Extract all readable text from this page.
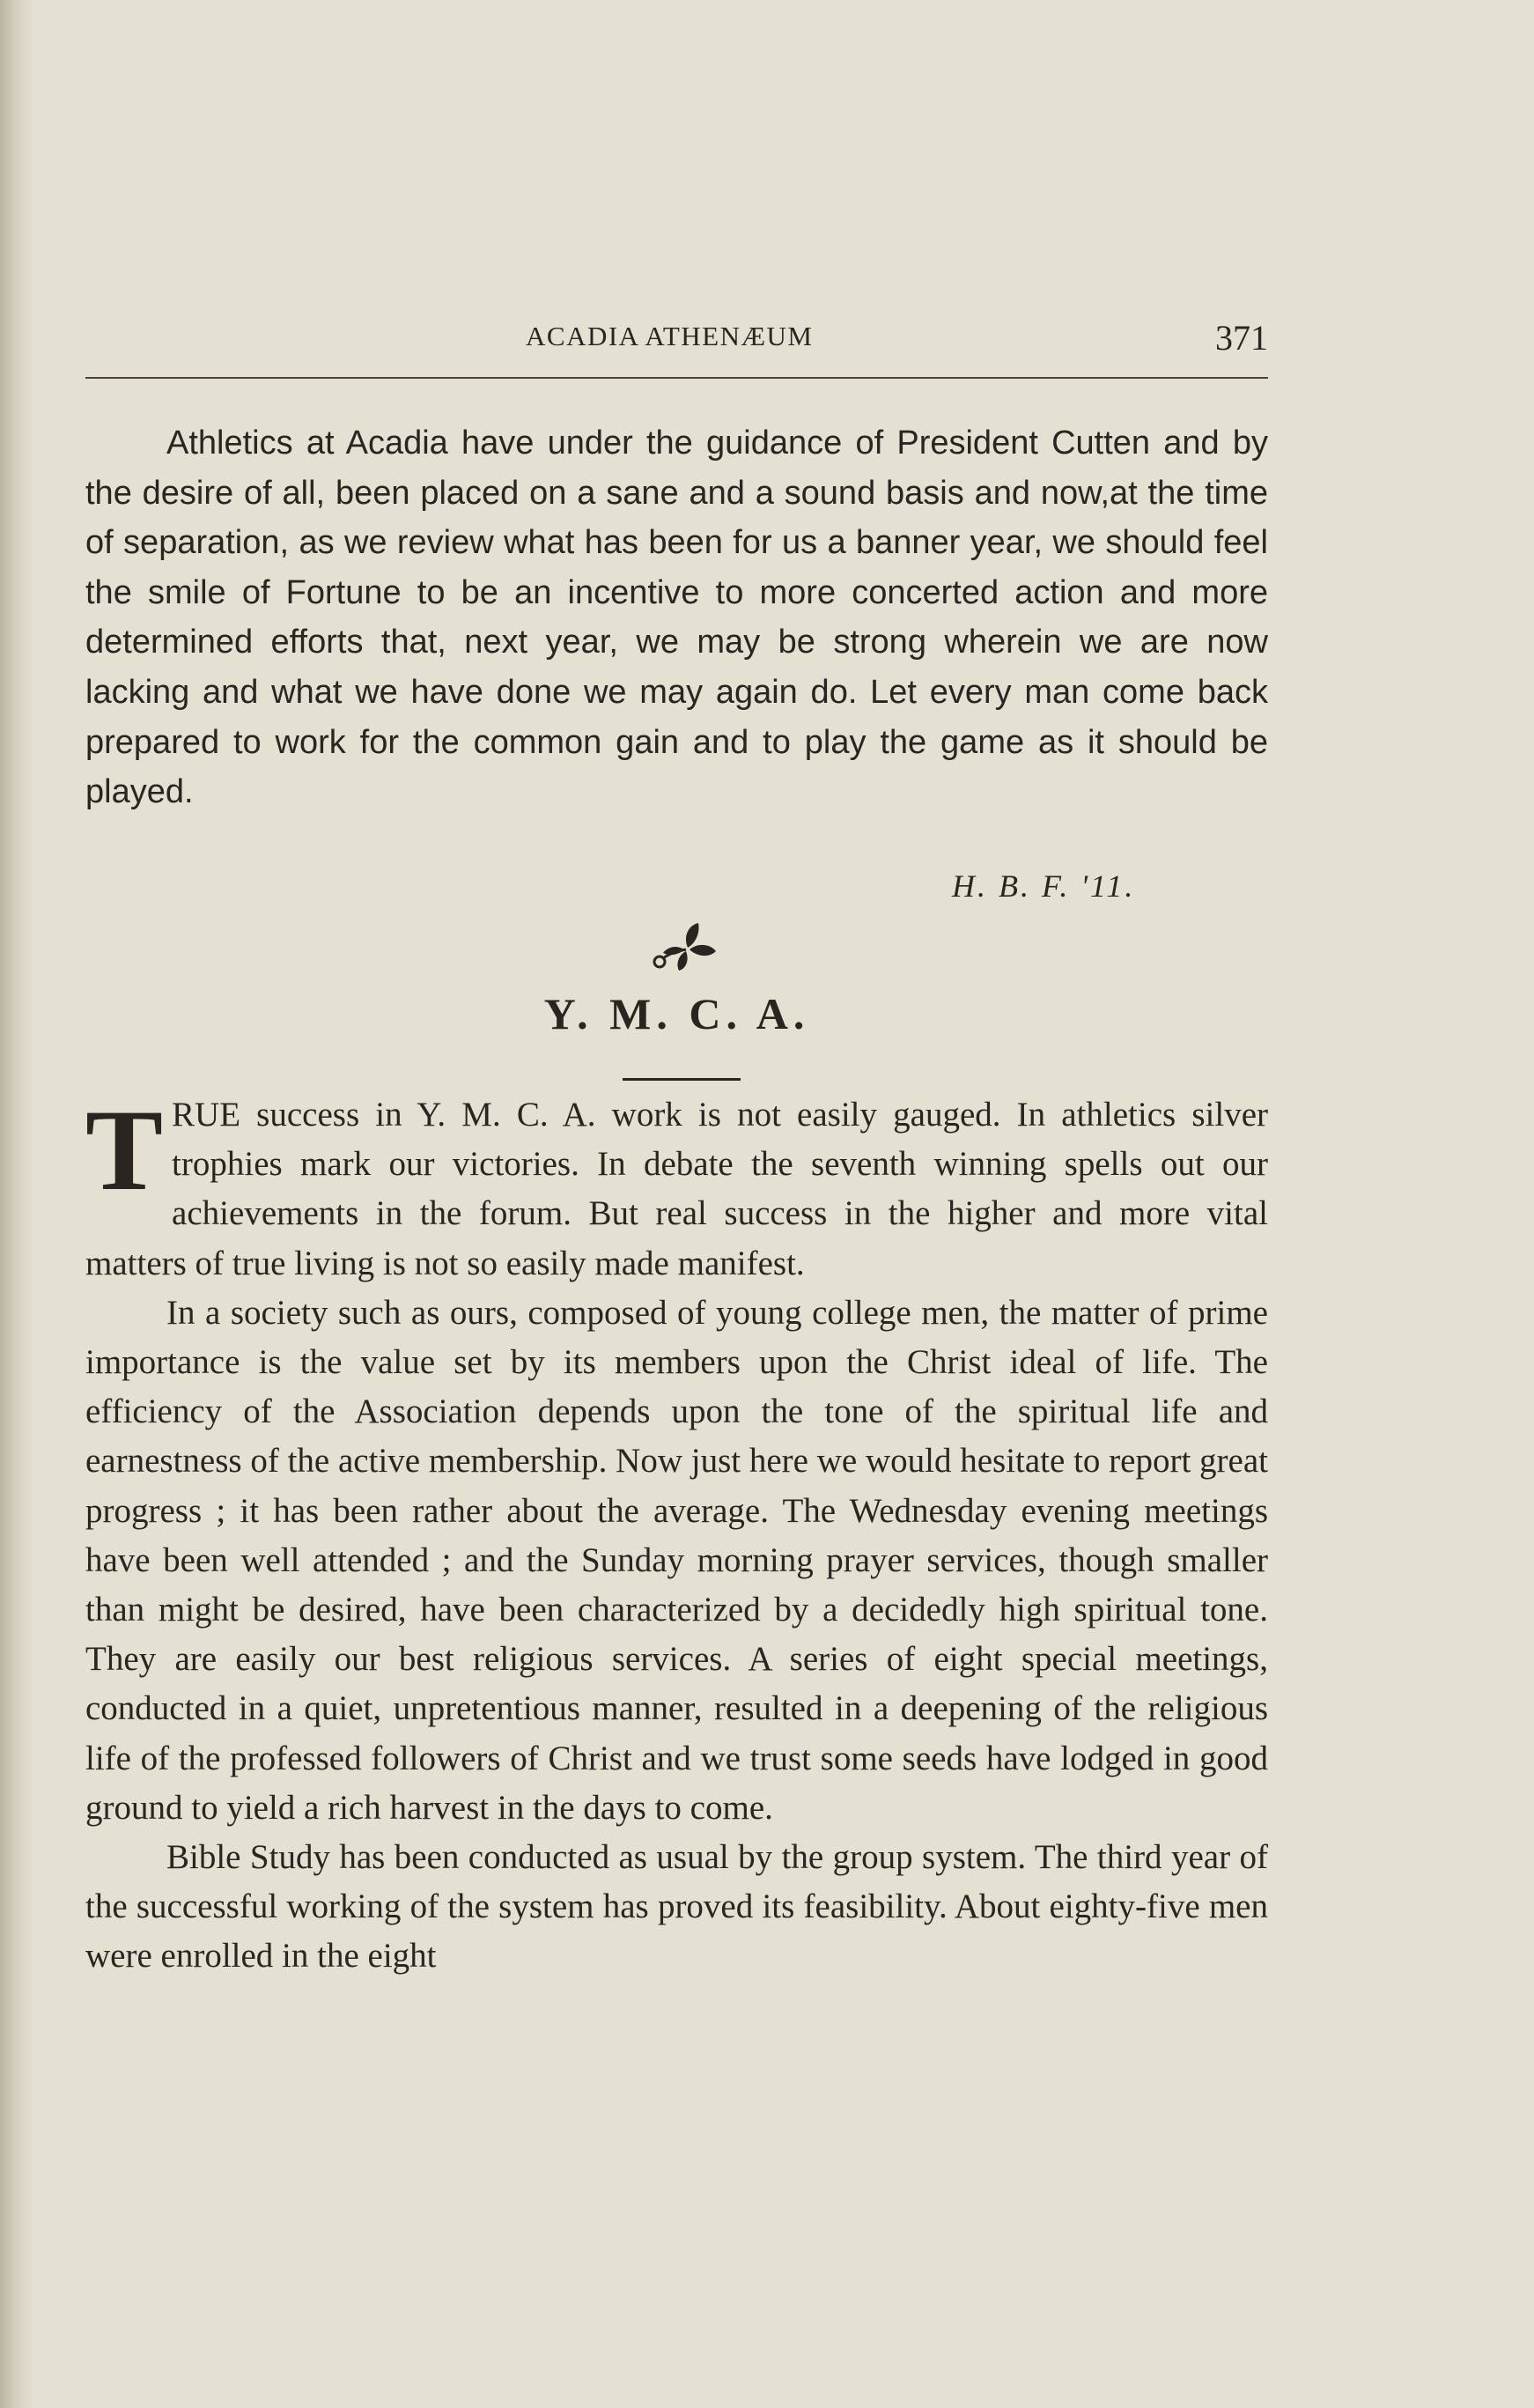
ACADIA ATHENÆUM	371

Athletics at Acadia have under the guidance of President Cutten and by the desire of all, been placed on a sane and a sound basis and now,at the time of separation, as we review what has been for us a banner year, we should feel the smile of Fortune to be an incentive to more concerted action and more determined efforts that, next year, we may be strong wherein we are now lacking and what we have done we may again do. Let every man come back prepared to work for the common gain and to play the game as it should be played.

H. B. F. '11.
Y. M. C. A.

TRUE success in Y. M. C. A. work is not easily gauged. In athletics silver trophies mark our victories. In debate the seventh winning spells out our achievements in the forum. But real success in the higher and more vital matters of true living is not so easily made manifest.

In a society such as ours, composed of young college men, the matter of prime importance is the value set by its members upon the Christ ideal of life. The efficiency of the Association depends upon the tone of the spiritual life and earnestness of the active membership. Now just here we would hesitate to report great progress ; it has been rather about the average. The Wednesday evening meetings have been well attended ; and the Sunday morning prayer services, though smaller than might be desired, have been characterized by a decidedly high spiritual tone. They are easily our best religious services. A series of eight special meetings, conducted in a quiet, unpretentious manner, resulted in a deepening of the religious life of the professed followers of Christ and we trust some seeds have lodged in good ground to yield a rich harvest in the days to come.

Bible Study has been conducted as usual by the group system. The third year of the successful working of the system has proved its feasibility. About eighty-five men were enrolled in the eight
